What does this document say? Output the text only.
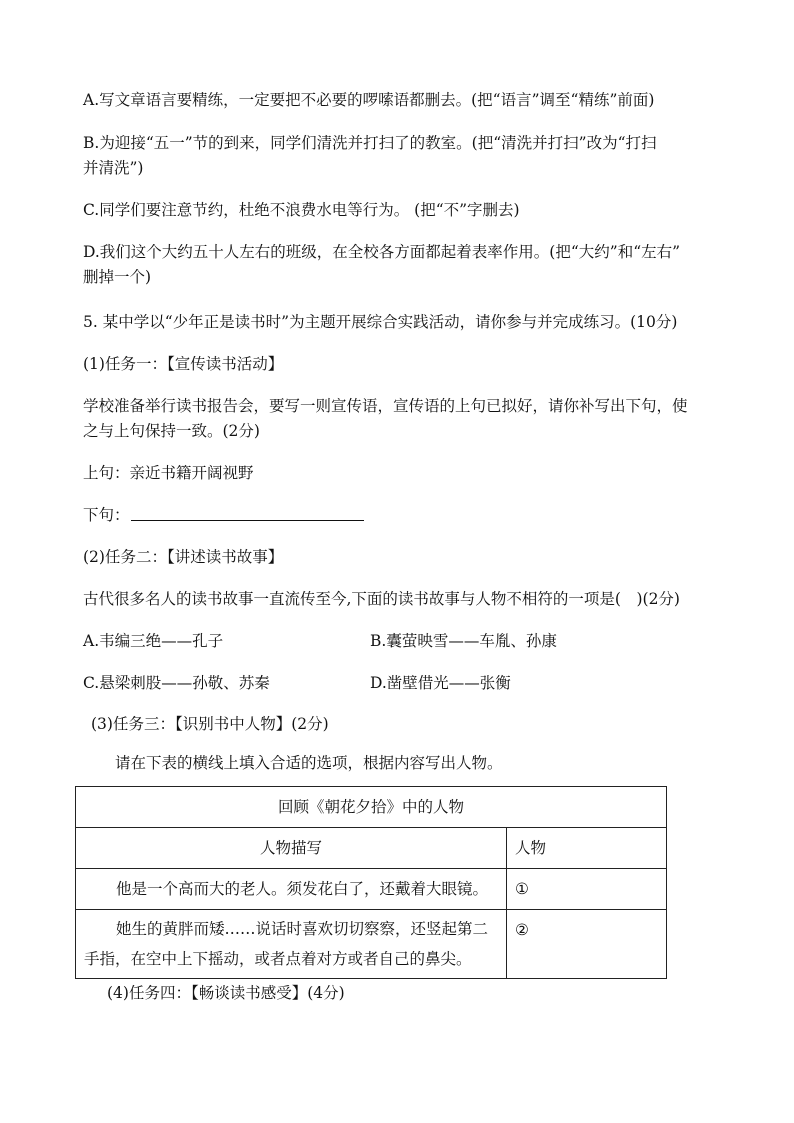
A.写文章语言要精练，一定要把不必要的啰嗦语都删去。(把“语言”调至“精练”前面)
B.为迎接“五一”节的到来，同学们清洗并打扫了的教室。(把“清洗并打扫”改为“打扫
并清洗”)
C.同学们要注意节约，杜绝不浪费水电等行为。 (把“不”字删去)
D.我们这个大约五十人左右的班级，在全校各方面都起着表率作用。(把“大约”和“左右”
删掉一个)
5. 某中学以“少年正是读书时”为主题开展综合实践活动，请你参与并完成练习。(10分)
(1)任务一：【宣传读书活动】
学校准备举行读书报告会，要写一则宣传语，宣传语的上句已拟好，请你补写出下句，使
之与上句保持一致。(2分)
上句：亲近书籍开阔视野
下句：
(2)任务二：【讲述读书故事】
古代很多名人的读书故事一直流传至今,下面的读书故事与人物不相符的一项是(　)(2分)
A.韦编三绝——孔子	B.囊萤映雪——车胤、孙康
C.悬梁刺股——孙敬、苏秦	D.凿壁借光——张衡
(3)任务三：【识别书中人物】(2分)
请在下表的横线上填入合适的选项，根据内容写出人物。
回顾《朝花夕拾》中的人物	
人物描写	人物
他是一个高而大的老人。须发花白了，还戴着大眼镜。	①
她生的黄胖而矮……说话时喜欢切切察察，还竖起第二手指，在空中上下摇动，或者点着对方或者自己的鼻尖。	②
(4)任务四：【畅谈读书感受】(4分)
